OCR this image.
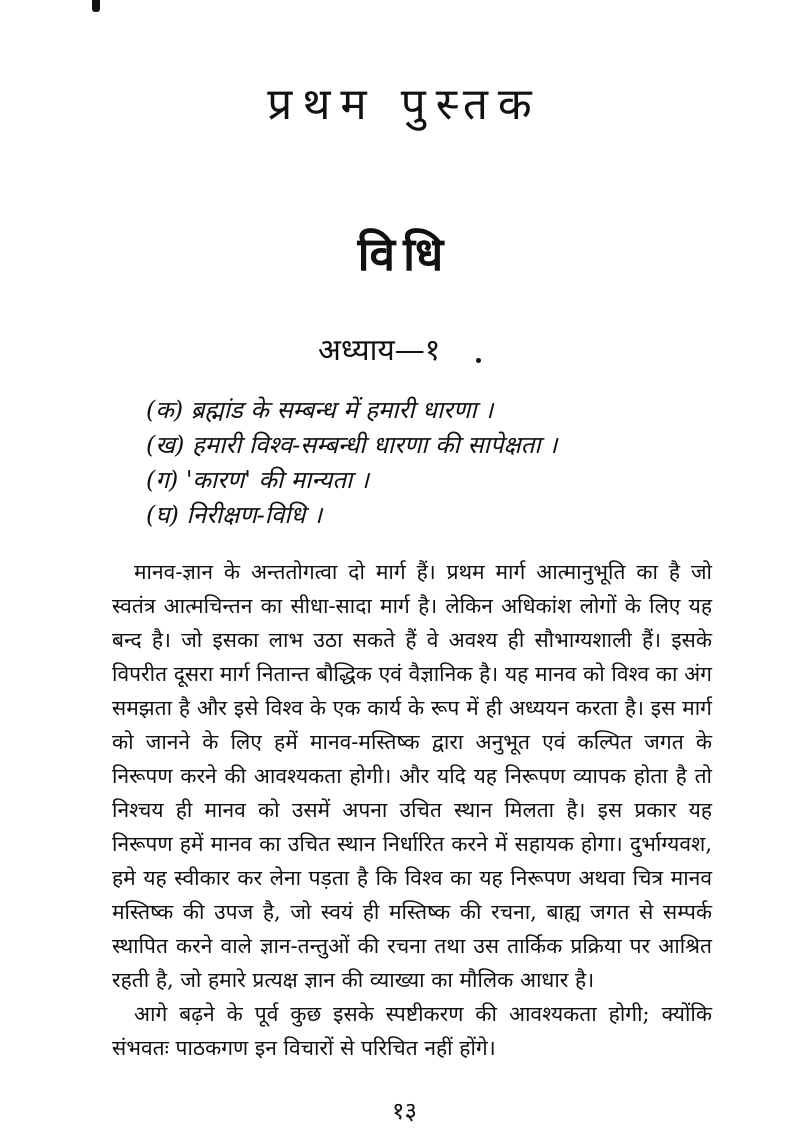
प्रथम पुस्तक
विधि
अध्याय—१
(क) ब्रह्मांड के सम्बन्ध में हमारी धारणा ।
(ख) हमारी विश्व-सम्बन्धी धारणा की सापेक्षता ।
(ग) 'कारण' की मान्यता ।
(घ) निरीक्षण-विधि ।

मानव-ज्ञान के अन्ततोगत्वा दो मार्ग हैं। प्रथम मार्ग आत्मानुभूति का है जो स्वतंत्र आत्मचिन्तन का सीधा-सादा मार्ग है। लेकिन अधिकांश लोगों के लिए यह बन्द है। जो इसका लाभ उठा सकते हैं वे अवश्य ही सौभाग्यशाली हैं। इसके विपरीत दूसरा मार्ग नितान्त बौद्धिक एवं वैज्ञानिक है। यह मानव को विश्व का अंग समझता है और इसे विश्व के एक कार्य के रूप में ही अध्ययन करता है। इस मार्ग को जानने के लिए हमें मानव-मस्तिष्क द्वारा अनुभूत एवं कल्पित जगत के निरूपण करने की आवश्यकता होगी। और यदि यह निरूपण व्यापक होता है तो निश्चय ही मानव को उसमें अपना उचित स्थान मिलता है। इस प्रकार यह निरूपण हमें मानव का उचित स्थान निर्धारित करने में सहायक होगा। दुर्भाग्यवश, हमे यह स्वीकार कर लेना पड़ता है कि विश्व का यह निरूपण अथवा चित्र मानव मस्तिष्क की उपज है, जो स्वयं ही मस्तिष्क की रचना, बाह्य जगत से सम्पर्क स्थापित करने वाले ज्ञान-तन्तुओं की रचना तथा उस तार्किक प्रक्रिया पर आश्रित रहती है, जो हमारे प्रत्यक्ष ज्ञान की व्याख्या का मौलिक आधार है।

आगे बढ़ने के पूर्व कुछ इसके स्पष्टीकरण की आवश्यकता होगी; क्योंकि संभवतः पाठकगण इन विचारों से परिचित नहीं होंगे।

१३
